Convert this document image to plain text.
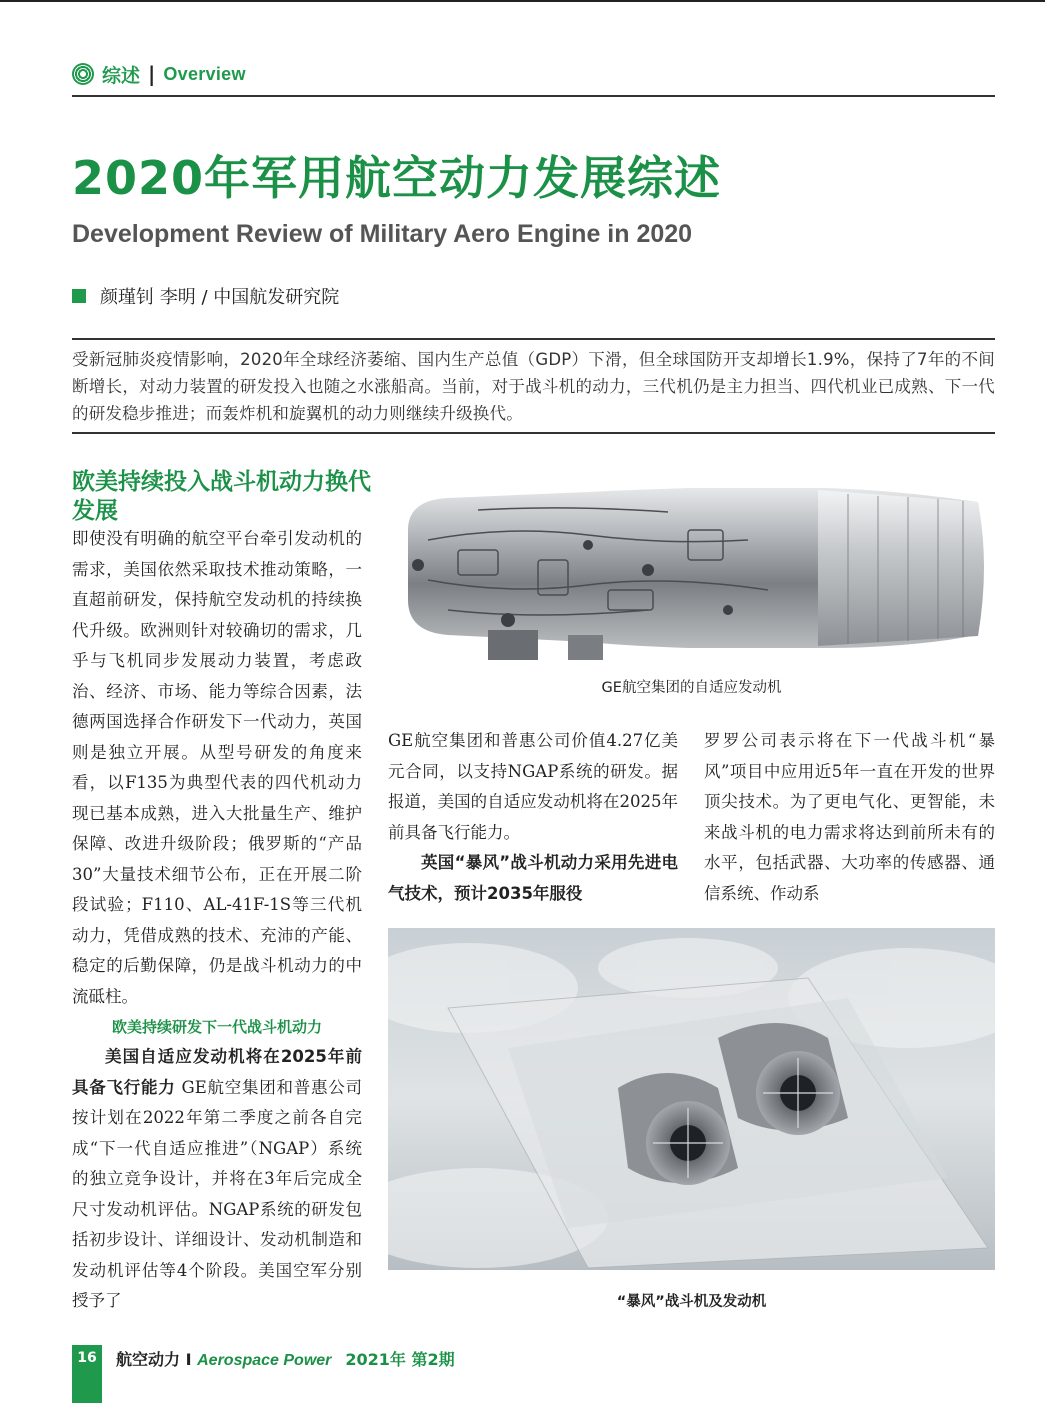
综述 | Overview
2020年军用航空动力发展综述
Development Review of Military Aero Engine in 2020
颜瑾钊 李明 / 中国航发研究院

受新冠肺炎疫情影响，2020年全球经济萎缩、国内生产总值（GDP）下滑，但全球国防开支却增长1.9%，保持了7年的不间断增长，对动力装置的研发投入也随之水涨船高。当前，对于战斗机的动力，三代机仍是主力担当、四代机业已成熟、下一代的研发稳步推进；而轰炸机和旋翼机的动力则继续升级换代。

欧美持续投入战斗机动力换代发展

即使没有明确的航空平台牵引发动机的需求，美国依然采取技术推动策略，一直超前研发，保持航空发动机的持续换代升级。欧洲则针对较确切的需求，几乎与飞机同步发展动力装置，考虑政治、经济、市场、能力等综合因素，法德两国选择合作研发下一代动力，英国则是独立开展。从型号研发的角度来看，以F135为典型代表的四代机动力现已基本成熟，进入大批量生产、维护保障、改进升级阶段；俄罗斯的“产品30”大量技术细节公布，正在开展二阶段试验；F110、AL-41F-1S等三代机动力，凭借成熟的技术、充沛的产能、稳定的后勤保障，仍是战斗机动力的中流砥柱。

欧美持续研发下一代战斗机动力

美国自适应发动机将在2025年前具备飞行能力 GE航空集团和普惠公司按计划在2022年第二季度之前各自完成“下一代自适应推进”（NGAP）系统的独立竞争设计，并将在3年后完成全尺寸发动机评估。NGAP系统的研发包括初步设计、详细设计、发动机制造和发动机评估等4个阶段。美国空军分别授予了

GE航空集团的自适应发动机

GE航空集团和普惠公司价值4.27亿美元合同，以支持NGAP系统的研发。据报道，美国的自适应发动机将在2025年前具备飞行能力。

英国“暴风”战斗机动力采用先进电气技术，预计2035年服役

罗罗公司表示将在下一代战斗机“暴风”项目中应用近5年一直在开发的世界顶尖技术。为了更电气化、更智能，未来战斗机的电力需求将达到前所未有的水平，包括武器、大功率的传感器、通信系统、作动系

“暴风”战斗机及发动机

16	航空动力 I Aerospace Power 2021年 第2期
